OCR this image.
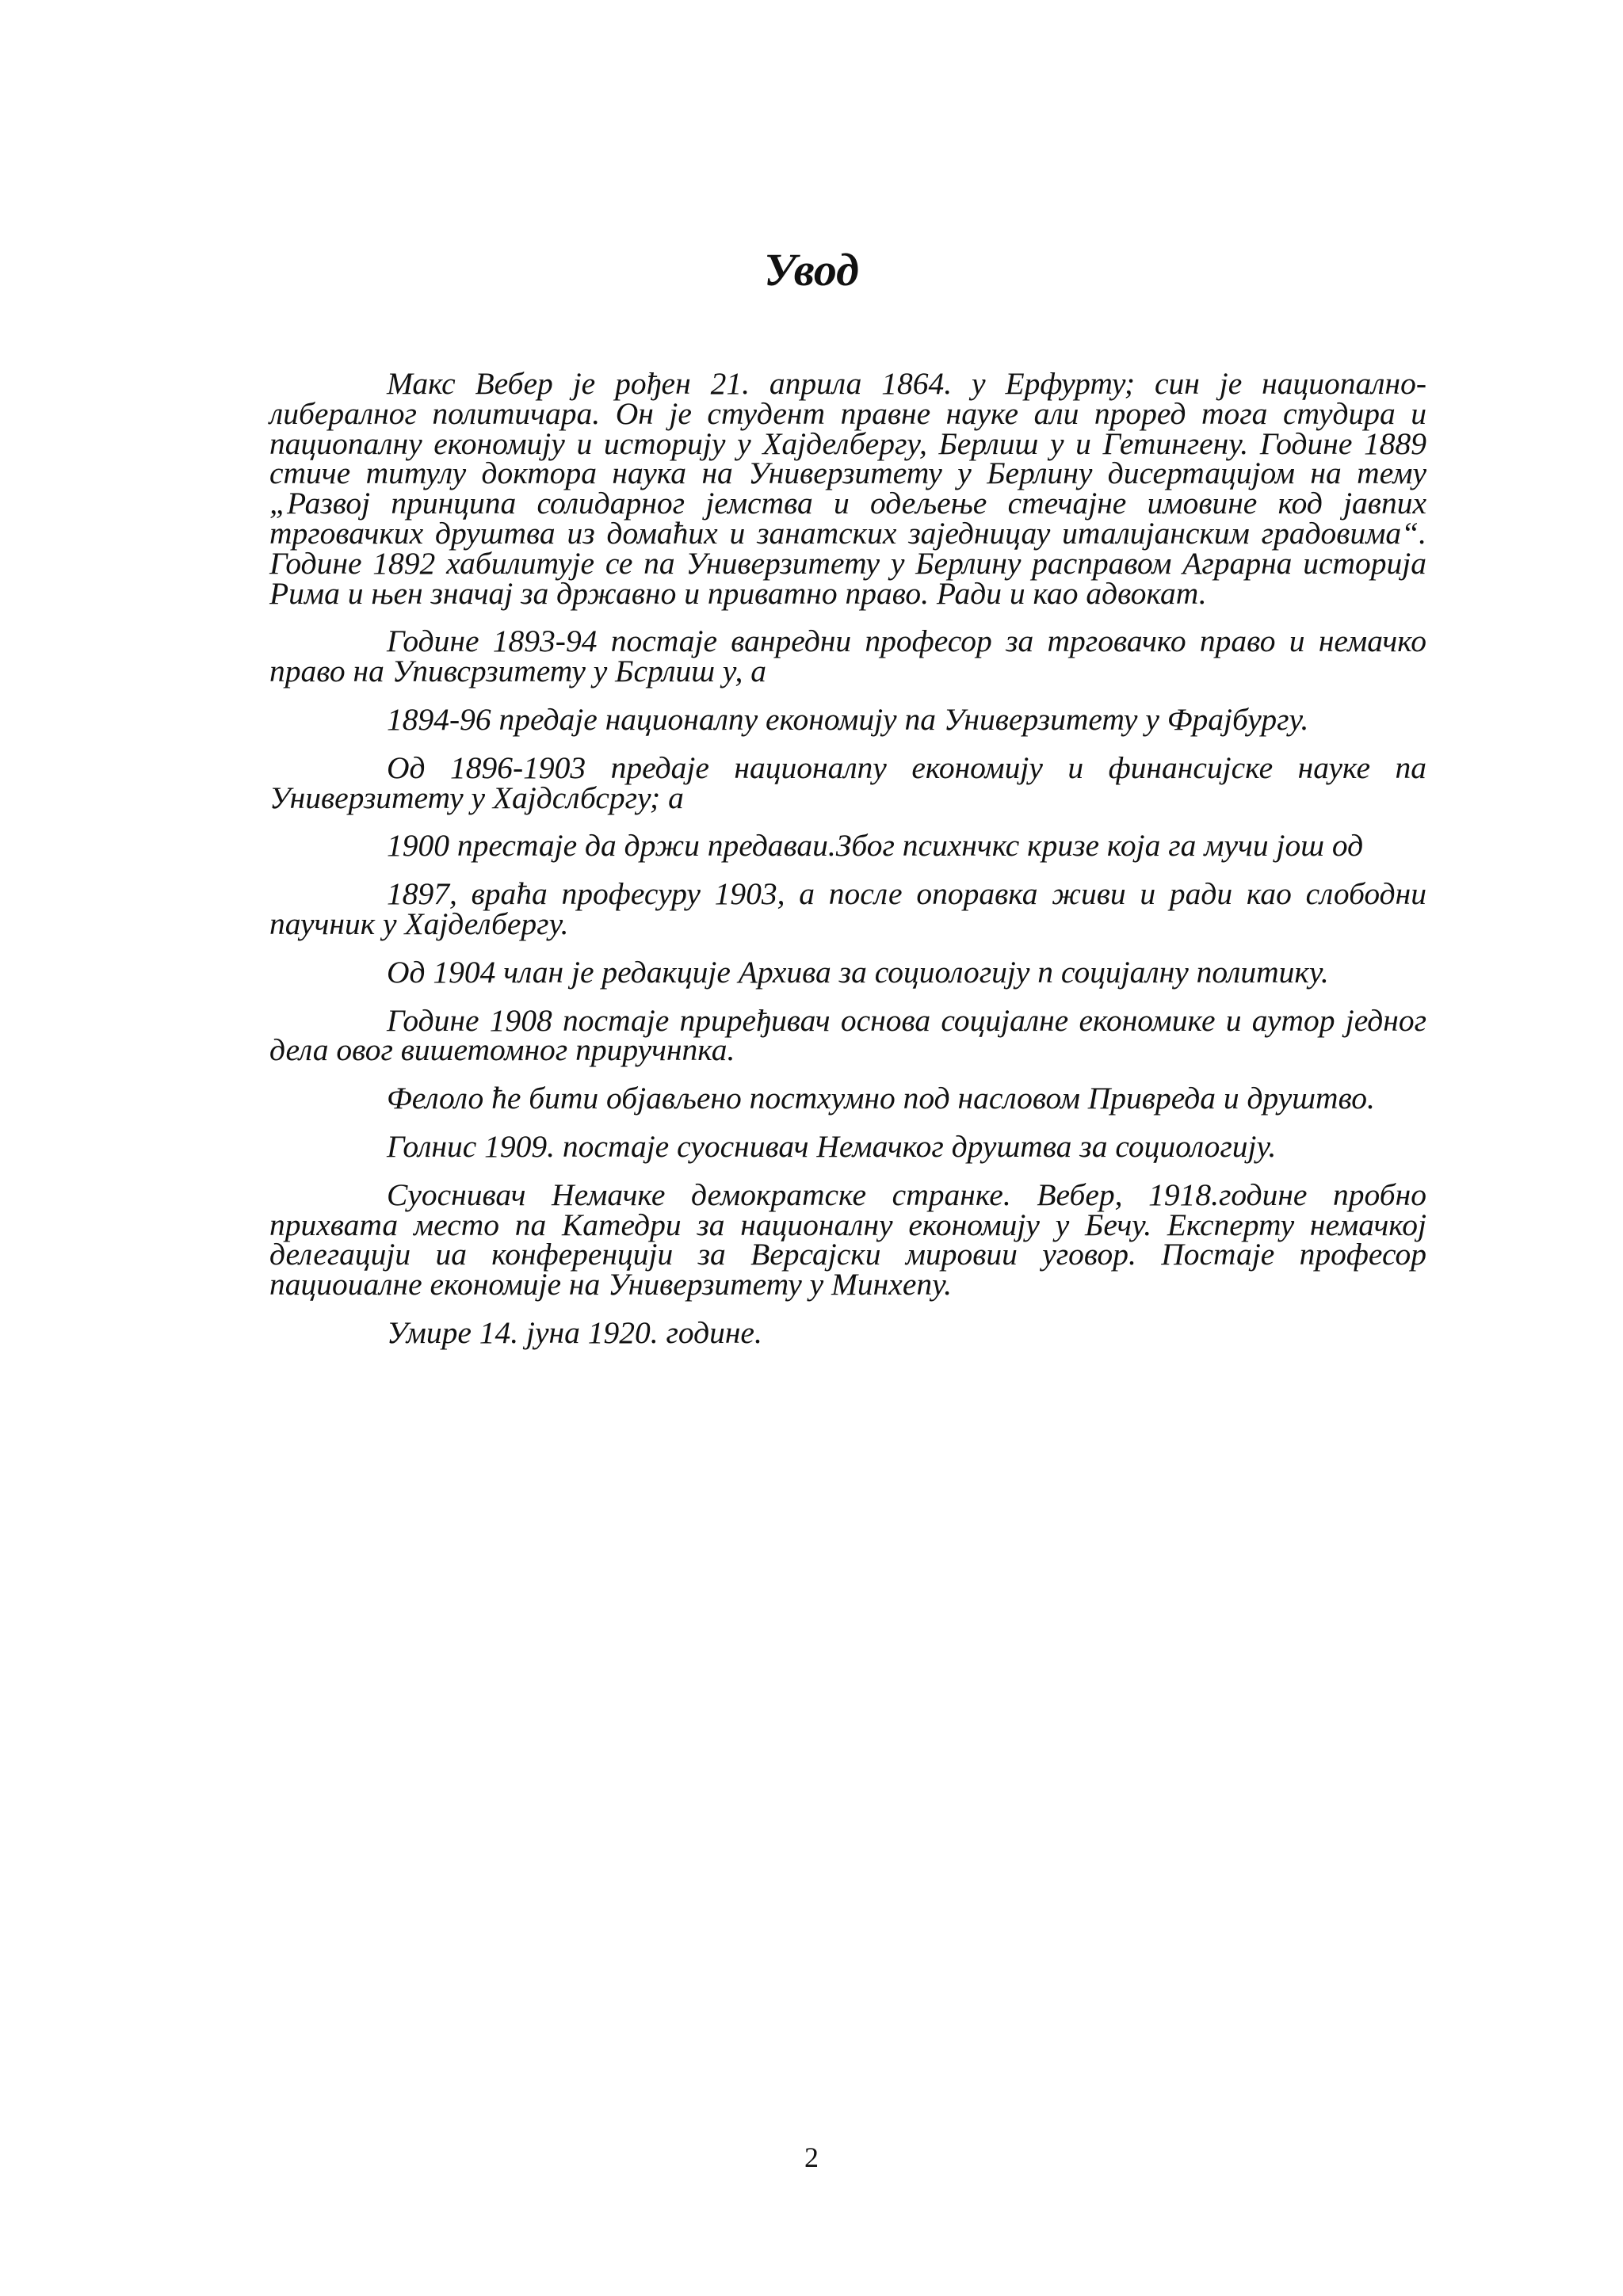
Увод

Макс Вебер је рођен 21. априла 1864. у Ерфурту; син је нациопално-либералног политичара. Он је студент правне науке али проред тога студира и пациопалну економију и историју у Хајделбергу, Берлиш у и Гетингену. Године 1889 стиче титулу доктора наука на Универзитету у Берлину дисертацијом на тему „Развој принципа солидарног јемства и одељење стечајне имовине код јавпих трговачких друштва из домаћих и занатских заједницау италијанским градовима“. Године 1892 хабилитује се па Универзитету у Берлину расправом Аграрна историја Рима и њен значај за државно и приватно право. Ради и као адвокат.

Године 1893-94 постаје ванредни професор за трговачко право и немачко право на Упивсрзитету у Бсрлиш у, а

1894-96 предаје националпу економију па Универзитету у Фрајбургу.

Од 1896-1903 предаје националпу економију и финансијске науке па Универзитету у Хајдслбсргу; а

1900 престаје да држи предаваи.Због психнчкс кризе која га мучи још од

1897, враћа професуру 1903, а после опоравка живи и ради као слободни паучник у Хајделбергу.

Од 1904 члан је редакције Архива за социологију п социјалну политику.

Године 1908 постаје приређивач основа социјалне економике и аутор једног дела овог вишетомног приручнпка.

Фелоло ће бити објављено постхумно под насловом Привреда и друштво.

Голнис 1909. постаје суоснивач Немачког друштва за социологију.

Суоснивач Немачке демократске странке. Вебер, 1918.године пробно прихвата место па Катедри за националну економију у Бечу. Експерту немачкој делегацији иа конференцији за Версајски мировии уговор. Постаје професор пациоиалне економије на Универзитету у Минхепу.

Умире 14. јуна 1920. године.

2
